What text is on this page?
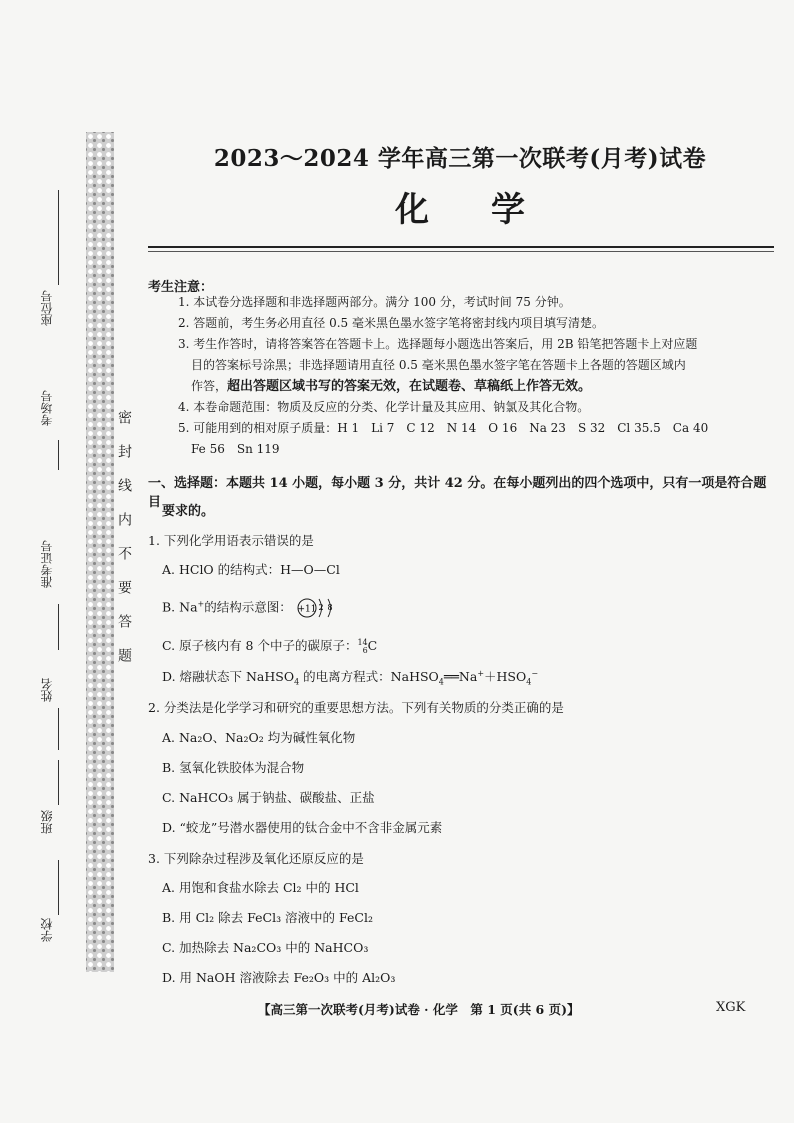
座位号
考场号
准考证号
姓名
班级
学校
密封线内不要答题
2023～2024 学年高三第一次联考(月考)试卷
化学
考生注意：
1. 本试卷分选择题和非选择题两部分。满分 100 分，考试时间 75 分钟。
2. 答题前，考生务必用直径 0.5 毫米黑色墨水签字笔将密封线内项目填写清楚。
3. 考生作答时，请将答案答在答题卡上。选择题每小题选出答案后，用 2B 铅笔把答题卡上对应题
目的答案标号涂黑；非选择题请用直径 0.5 毫米黑色墨水签字笔在答题卡上各题的答题区域内
作答，超出答题区域书写的答案无效，在试题卷、草稿纸上作答无效。
4. 本卷命题范围：物质及反应的分类、化学计量及其应用、钠氯及其化合物。
5. 可能用到的相对原子质量：H 1　Li 7　C 12　N 14　O 16　Na 23　S 32　Cl 35.5　Ca 40
Fe 56　Sn 119
一、选择题：本题共 14 小题，每小题 3 分，共计 42 分。在每小题列出的四个选项中，只有一项是符合题目
要求的。
1. 下列化学用语表示错误的是
A. HClO 的结构式：H—O—Cl
B. Na+的结构示意图： +11 2 8
C. 原子核内有 8 个中子的碳原子：14
6C
D. 熔融状态下 NaHSO$_4$ 的电离方程式：$NaHSO_4══Na^++HSO_4^-$
2. 分类法是化学学习和研究的重要思想方法。下列有关物质的分类正确的是
A. Na₂O、Na₂O₂ 均为碱性氧化物
B. 氢氧化铁胶体为混合物
C. NaHCO₃ 属于钠盐、碳酸盐、正盐
D. “蛟龙”号潜水器使用的钛合金中不含非金属元素
3. 下列除杂过程涉及氧化还原反应的是
A. 用饱和食盐水除去 Cl₂ 中的 HCl
B. 用 Cl₂ 除去 FeCl₃ 溶液中的 FeCl₂
C. 加热除去 Na₂CO₃ 中的 NaHCO₃
D. 用 NaOH 溶液除去 Fe₂O₃ 中的 Al₂O₃
【高三第一次联考(月考)试卷 · 化学　第 1 页(共 6 页)】	XGK
